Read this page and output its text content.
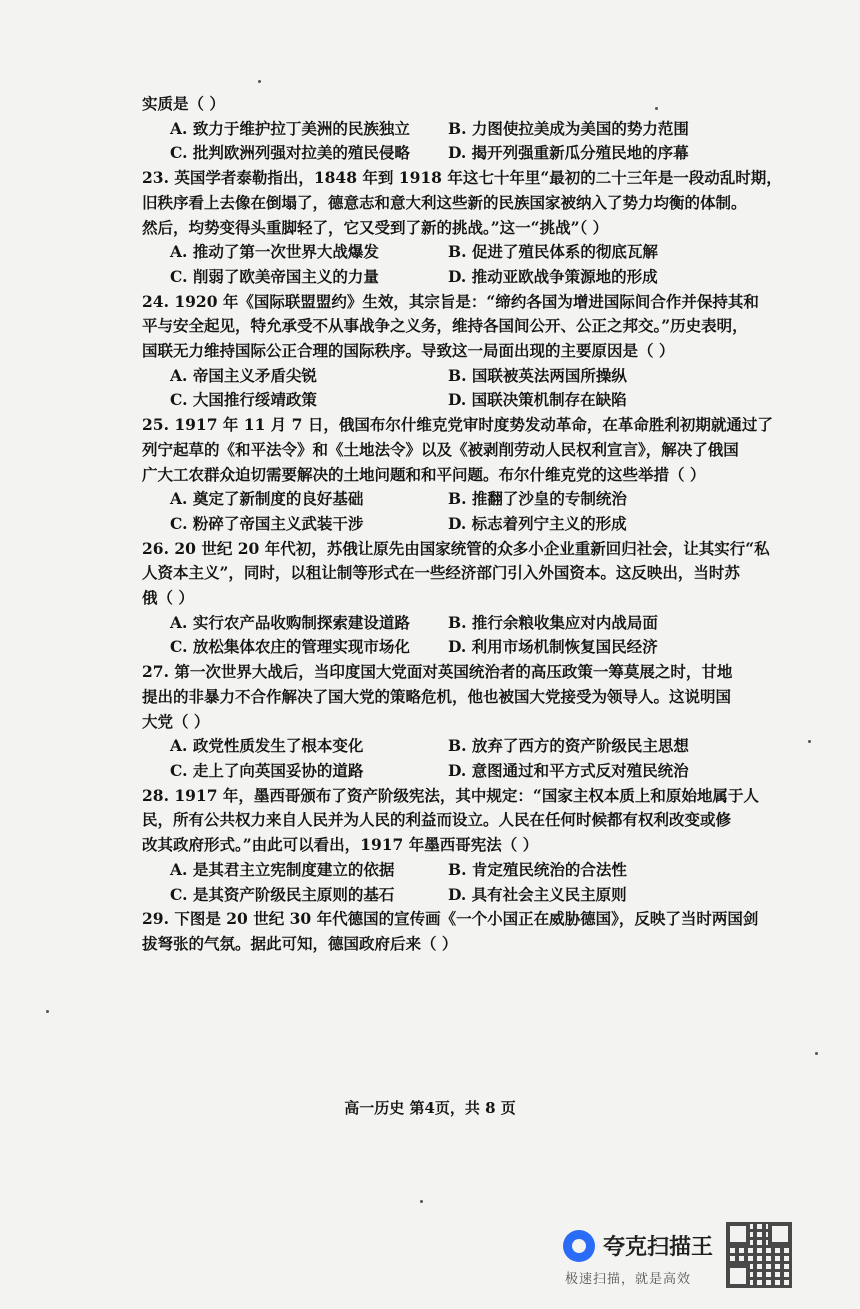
实质是（ ）
A. 致力于维护拉丁美洲的民族独立	B. 力图使拉美成为美国的势力范围
C. 批判欧洲列强对拉美的殖民侵略	D. 揭开列强重新瓜分殖民地的序幕
23. 英国学者泰勒指出，1848 年到 1918 年这七十年里“最初的二十三年是一段动乱时期，
旧秩序看上去像在倒塌了，德意志和意大利这些新的民族国家被纳入了势力均衡的体制。
然后，均势变得头重脚轻了，它又受到了新的挑战。”这一“挑战”（ ）
A. 推动了第一次世界大战爆发	B. 促进了殖民体系的彻底瓦解
C. 削弱了欧美帝国主义的力量	D. 推动亚欧战争策源地的形成
24. 1920 年《国际联盟盟约》生效，其宗旨是：“缔约各国为增进国际间合作并保持其和
平与安全起见，特允承受不从事战争之义务，维持各国间公开、公正之邦交。”历史表明，
国联无力维持国际公正合理的国际秩序。导致这一局面出现的主要原因是（ ）
A. 帝国主义矛盾尖锐	B. 国联被英法两国所操纵
C. 大国推行绥靖政策	D. 国联决策机制存在缺陷
25. 1917 年 11 月 7 日，俄国布尔什维克党审时度势发动革命，在革命胜利初期就通过了
列宁起草的《和平法令》和《土地法令》以及《被剥削劳动人民权利宣言》，解决了俄国
广大工农群众迫切需要解决的土地问题和和平问题。布尔什维克党的这些举措（ ）
A. 奠定了新制度的良好基础	B. 推翻了沙皇的专制统治
C. 粉碎了帝国主义武装干涉	D. 标志着列宁主义的形成
26. 20 世纪 20 年代初，苏俄让原先由国家统管的众多小企业重新回归社会，让其实行“私
人资本主义”，同时，以租让制等形式在一些经济部门引入外国资本。这反映出，当时苏
俄（ ）
A. 实行农产品收购制探索建设道路	B. 推行余粮收集应对内战局面
C. 放松集体农庄的管理实现市场化	D. 利用市场机制恢复国民经济
27. 第一次世界大战后，当印度国大党面对英国统治者的高压政策一筹莫展之时，甘地
提出的非暴力不合作解决了国大党的策略危机，他也被国大党接受为领导人。这说明国
大党（ ）
A. 政党性质发生了根本变化	B. 放弃了西方的资产阶级民主思想
C. 走上了向英国妥协的道路	D. 意图通过和平方式反对殖民统治
28. 1917 年，墨西哥颁布了资产阶级宪法，其中规定：“国家主权本质上和原始地属于人
民，所有公共权力来自人民并为人民的利益而设立。人民在任何时候都有权利改变或修
改其政府形式。”由此可以看出，1917 年墨西哥宪法（ ）
A. 是其君主立宪制度建立的依据	B. 肯定殖民统治的合法性
C. 是其资产阶级民主原则的基石	D. 具有社会主义民主原则
29. 下图是 20 世纪 30 年代德国的宣传画《一个小国正在威胁德国》，反映了当时两国剑
拔弩张的气氛。据此可知，德国政府后来（ ）
高一历史 第4页，共 8 页
夸克扫描王
极速扫描，就是高效
